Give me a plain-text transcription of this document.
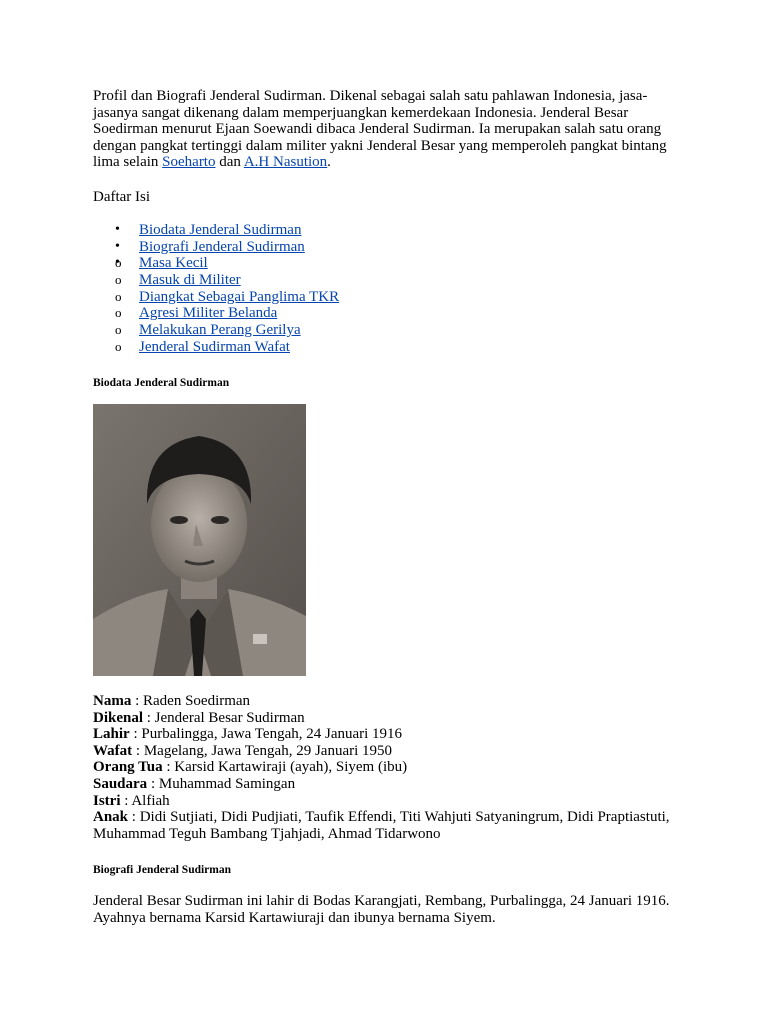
Profil dan Biografi Jenderal Sudirman. Dikenal sebagai salah satu pahlawan Indonesia, jasa-jasanya sangat dikenang dalam memperjuangkan kemerdekaan Indonesia. Jenderal Besar Soedirman menurut Ejaan Soewandi dibaca Jenderal Sudirman. Ia merupakan salah satu orang dengan pangkat tertinggi dalam militer yakni Jenderal Besar yang memperoleh pangkat bintang lima selain Soeharto dan A.H Nasution.

Daftar Isi

• Biodata Jenderal Sudirman
• Biografi Jenderal Sudirman
o • Masa Kecil
o Masuk di Militer
o Diangkat Sebagai Panglima TKR
o Agresi Militer Belanda
o Melakukan Perang Gerilya
o Jenderal Sudirman Wafat

Biodata Jenderal Sudirman

Nama : Raden Soedirman
Dikenal : Jenderal Besar Sudirman
Lahir : Purbalingga, Jawa Tengah, 24 Januari 1916
Wafat : Magelang, Jawa Tengah, 29 Januari 1950
Orang Tua : Karsid Kartawiraji (ayah), Siyem (ibu)
Saudara : Muhammad Samingan
Istri : Alfiah
Anak : Didi Sutjiati, Didi Pudjiati, Taufik Effendi, Titi Wahjuti Satyaningrum, Didi Praptiastuti, Muhammad Teguh Bambang Tjahjadi, Ahmad Tidarwono

Biografi Jenderal Sudirman

Jenderal Besar Sudirman ini lahir di Bodas Karangjati, Rembang, Purbalingga, 24 Januari 1916. Ayahnya bernama Karsid Kartawiuraji dan ibunya bernama Siyem.
